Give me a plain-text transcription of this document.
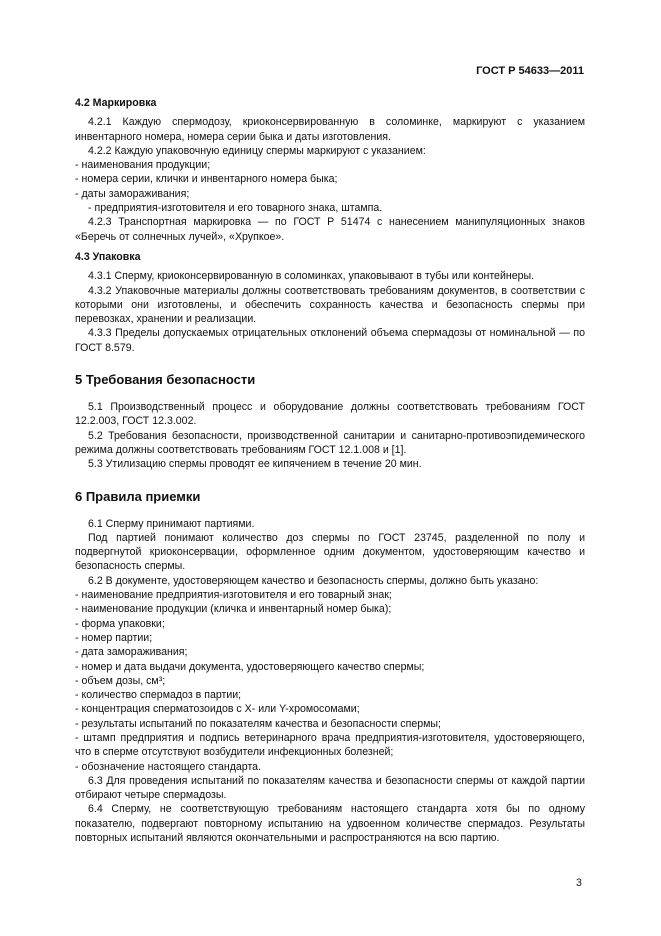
ГОСТ Р 54633—2011

4.2 Маркировка

4.2.1 Каждую спермодозу, криоконсервированную в соломинке, маркируют с указанием инвентарного номера, номера серии быка и даты изготовления.

4.2.2 Каждую упаковочную единицу спермы маркируют с указанием:

- наименования продукции;

- номера серии, клички и инвентарного номера быка;

- даты замораживания;

- предприятия-изготовителя и его товарного знака, штампа.

4.2.3 Транспортная маркировка — по ГОСТ Р 51474 с нанесением манипуляционных знаков «Беречь от солнечных лучей», «Хрупкое».

4.3 Упаковка

4.3.1 Сперму, криоконсервированную в соломинках, упаковывают в тубы или контейнеры.

4.3.2 Упаковочные материалы должны соответствовать требованиям документов, в соответствии с которыми они изготовлены, и обеспечить сохранность качества и безопасность спермы при перевозках, хранении и реализации.

4.3.3 Пределы допускаемых отрицательных отклонений объема спермадозы от номинальной — по ГОСТ 8.579.

5 Требования безопасности

5.1 Производственный процесс и оборудование должны соответствовать требованиям ГОСТ 12.2.003, ГОСТ 12.3.002.

5.2 Требования безопасности, производственной санитарии и санитарно-противоэпидемического режима должны соответствовать требованиям ГОСТ 12.1.008 и [1].

5.3 Утилизацию спермы проводят ее кипячением в течение 20 мин.

6 Правила приемки

6.1 Сперму принимают партиями.

Под партией понимают количество доз спермы по ГОСТ 23745, разделенной по полу и подвергнутой криоконсервации, оформленное одним документом, удостоверяющим качество и безопасность спермы.

6.2 В документе, удостоверяющем качество и безопасность спермы, должно быть указано:

- наименование предприятия-изготовителя и его товарный знак;

- наименование продукции (кличка и инвентарный номер быка);

- форма упаковки;

- номер партии;

- дата замораживания;

- номер и дата выдачи документа, удостоверяющего качество спермы;

- объем дозы, см³;

- количество спермадоз в партии;

- концентрация сперматозоидов с X- или Y-хромосомами;

- результаты испытаний по показателям качества и безопасности спермы;

- штамп предприятия и подпись ветеринарного врача предприятия-изготовителя, удостоверяющего, что в сперме отсутствуют возбудители инфекционных болезней;

- обозначение настоящего стандарта.

6.3 Для проведения испытаний по показателям качества и безопасности спермы от каждой партии отбирают четыре спермадозы.

6.4 Сперму, не соответствующую требованиям настоящего стандарта хотя бы по одному показателю, подвергают повторному испытанию на удвоенном количестве спермадоз. Результаты повторных испытаний являются окончательными и распространяются на всю партию.

3
